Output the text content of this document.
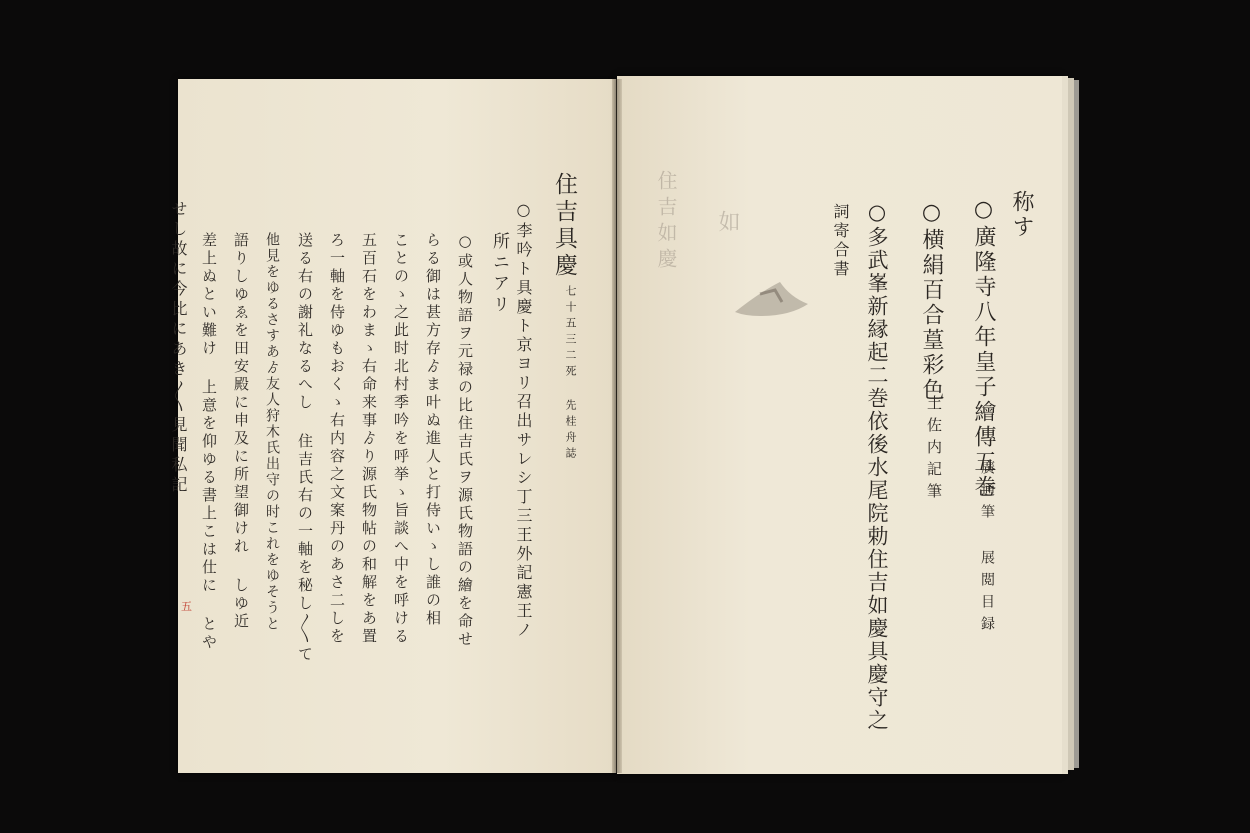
住吉如慶 如	称す
○廣隆寺八年皇子繪傳五巻
廣通筆 展閲目録
○横絹百合葟彩色
土佐内記筆
○多武峯新縁起二巻依後水尾院勅住吉如慶具慶守之
詞寄合書
住吉具慶
七十五三二死 先桂舟誌
○李吟ト具慶ト京ヨリ召出サレシ丁三王外記憲王ノ
所ニアリ
○或人物語ヲ元禄の比住吉氏ヲ源氏物語の繪を命せ
らる御は甚方存ゟま叶ぬ進人と打侍いゝし誰の相
ことのゝ之此时北村季吟を呼挙ゝ旨談へ中を呼ける
五百石をわまゝ右命来事ゟり源氏物帖の和解をあ置
ろ一軸を侍ゆもおくゝ右内容之文案丹のあさ二しを
送る右の謝礼なるへし 住吉氏右の一軸を秘し〳〵て
他見をゆるさすあゟ友人狩木氏出守の时これをゆそうと
語りしゆゑを田安殿に申及に所望御けれ しゆ近
差上ぬとい難け 上意を仰ゆる書上こは仕に とや
せし故に今比にあき〳〵見聞私記
五
